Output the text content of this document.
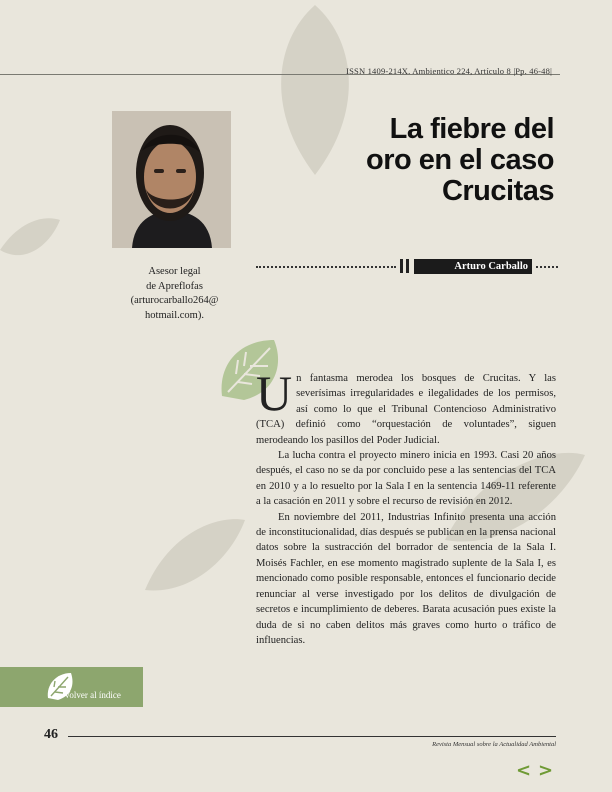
ISSN 1409-214X. Ambientico 224, Artículo 8 |Pp. 46-48|
La fiebre del
oro en el caso
Crucitas
Arturo Carballo
Asesor legal
de Apreflofas
(arturocarballo264@
hotmail.com).

Un fantasma merodea los bosques de Crucitas. Y las severísimas irregularidades e ilegalidades de los permisos, así como lo que el Tribunal Contencioso Administrativo (TCA) definió como “orquestación de voluntades”, siguen merodeando los pasillos del Poder Judicial.

La lucha contra el proyecto minero inicia en 1993. Casi 20 años después, el caso no se da por concluido pese a las sentencias del TCA en 2010 y a lo resuelto por la Sala I en la sentencia 1469-11 referente a la casación en 2011 y sobre el recurso de revisión en 2012.

En noviembre del 2011, Industrias Infinito presenta una acción de inconstitucionalidad, días después se publican en la prensa nacional datos sobre la sustracción del borrador de sentencia de la Sala I. Moisés Fachler, en ese momento magistrado suplente de la Sala I, es mencionado como posible responsable, entonces el funcionario decide renunciar al verse investigado por los delitos de divulgación de secretos e incumplimiento de deberes. Barata acusación pues existe la duda de si no caben delitos más graves como hurto o tráfico de influencias.

Volver al índice
46
Revista Mensual sobre la Actualidad Ambiental
< >
